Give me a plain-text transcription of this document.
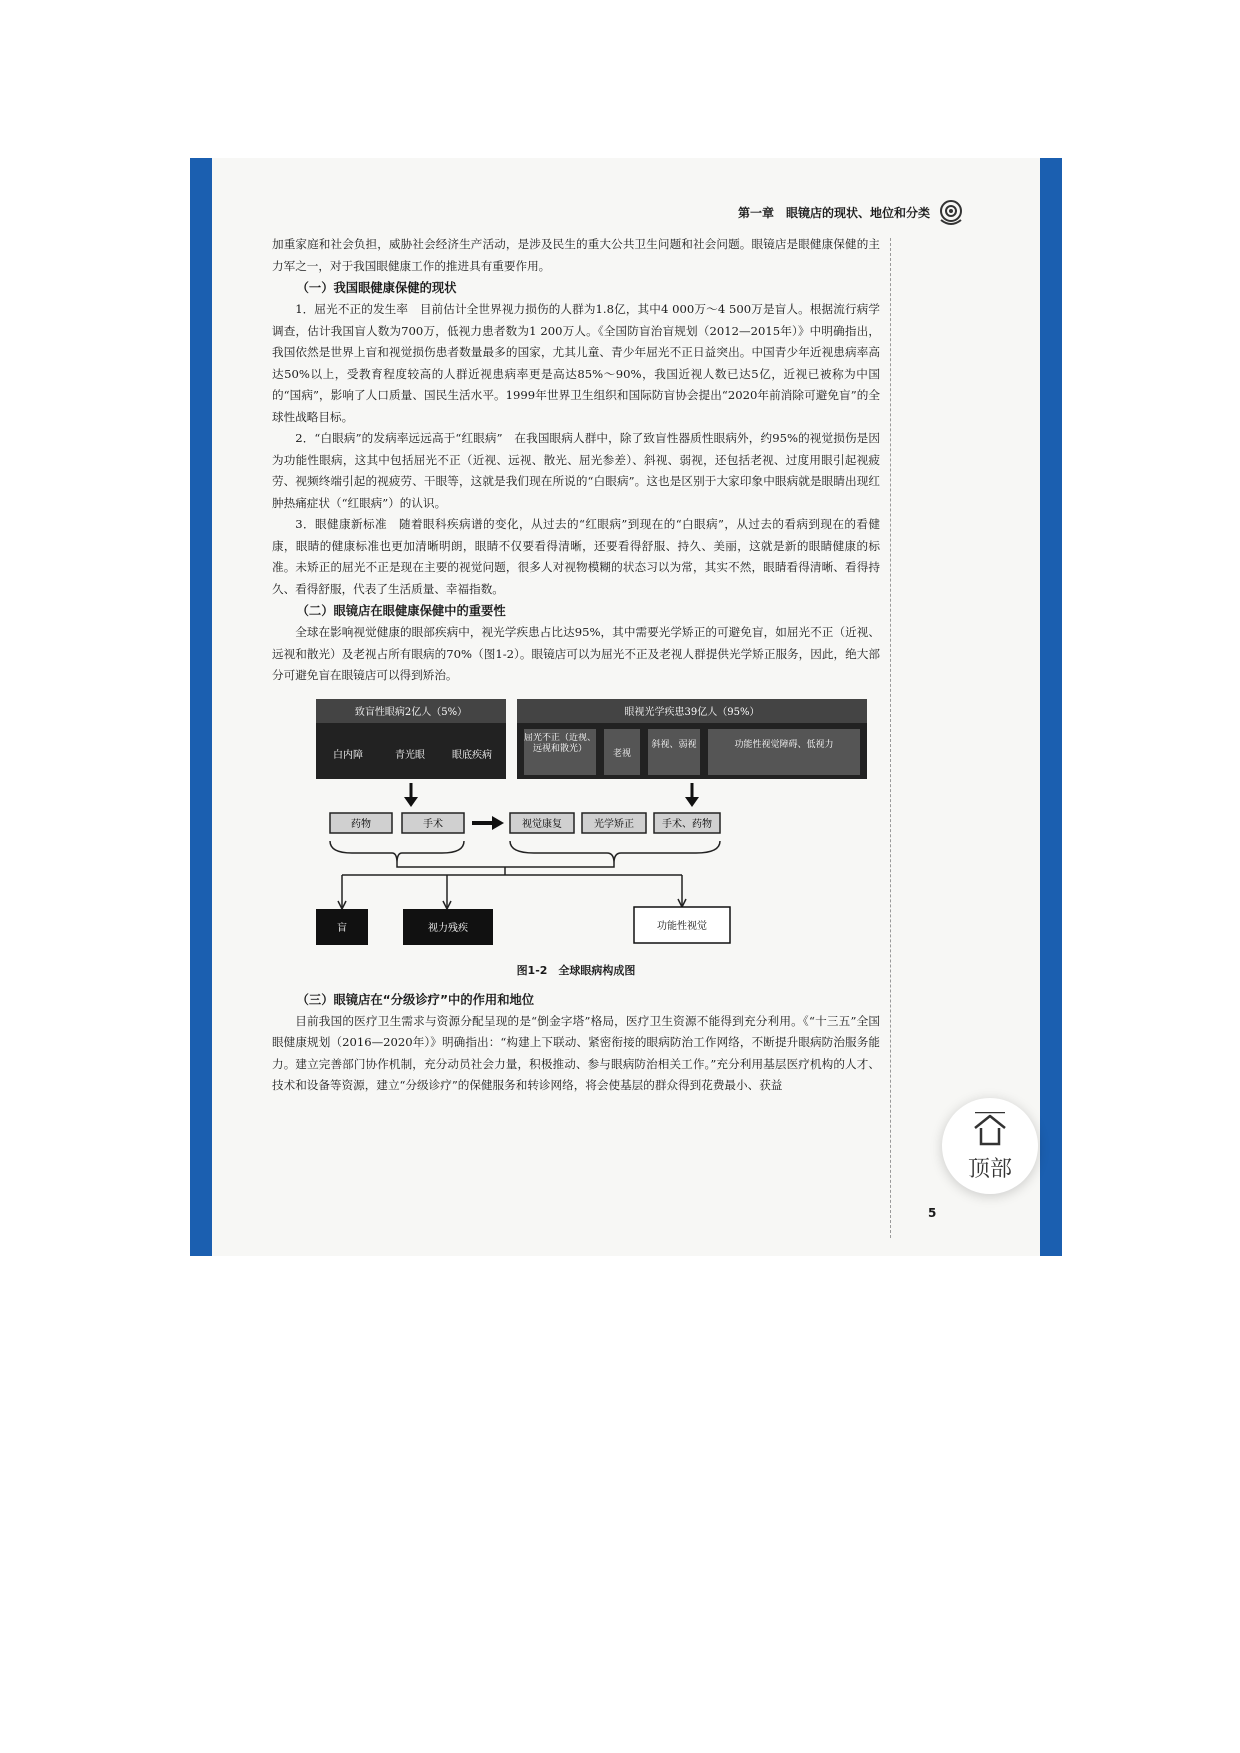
第一章　眼镜店的现状、地位和分类

加重家庭和社会负担，威胁社会经济生产活动，是涉及民生的重大公共卫生问题和社会问题。眼镜店是眼健康保健的主力军之一，对于我国眼健康工作的推进具有重要作用。

（一）我国眼健康保健的现状

1．屈光不正的发生率　目前估计全世界视力损伤的人群为1.8亿，其中4 000万～4 500万是盲人。根据流行病学调查，估计我国盲人数为700万，低视力患者数为1 200万人。《全国防盲治盲规划（2012—2015年）》中明确指出，我国依然是世界上盲和视觉损伤患者数量最多的国家，尤其儿童、青少年屈光不正日益突出。中国青少年近视患病率高达50%以上，受教育程度较高的人群近视患病率更是高达85%～90%，我国近视人数已达5亿，近视已被称为中国的“国病”，影响了人口质量、国民生活水平。1999年世界卫生组织和国际防盲协会提出“2020年前消除可避免盲”的全球性战略目标。

2．“白眼病”的发病率远远高于“红眼病”　在我国眼病人群中，除了致盲性器质性眼病外，约95%的视觉损伤是因为功能性眼病，这其中包括屈光不正（近视、远视、散光、屈光参差）、斜视、弱视，还包括老视、过度用眼引起视疲劳、视频终端引起的视疲劳、干眼等，这就是我们现在所说的“白眼病”。这也是区别于大家印象中眼病就是眼睛出现红肿热痛症状（“红眼病”）的认识。

3．眼健康新标准　随着眼科疾病谱的变化，从过去的“红眼病”到现在的“白眼病”，从过去的看病到现在的看健康，眼睛的健康标准也更加清晰明朗，眼睛不仅要看得清晰，还要看得舒服、持久、美丽，这就是新的眼睛健康的标准。未矫正的屈光不正是现在主要的视觉问题，很多人对视物模糊的状态习以为常，其实不然，眼睛看得清晰、看得持久、看得舒服，代表了生活质量、幸福指数。

（二）眼镜店在眼健康保健中的重要性

全球在影响视觉健康的眼部疾病中，视光学疾患占比达95%，其中需要光学矫正的可避免盲，如屈光不正（近视、远视和散光）及老视占所有眼病的70%（图1-2）。眼镜店可以为屈光不正及老视人群提供光学矫正服务，因此，绝大部分可避免盲在眼镜店可以得到矫治。

致盲性眼病2亿人（5%）
白内障	青光眼	眼底疾病
眼视光学疾患39亿人（95%）
屈光不正（近视、远视和散光）	老视
斜视、弱视	功能性视觉障碍、低视力
药物	手术	视觉康复	光学矫正	手术、药物
盲	视力残疾	功能性视觉
图1-2　全球眼病构成图
（三）眼镜店在“分级诊疗”中的作用和地位

目前我国的医疗卫生需求与资源分配呈现的是“倒金字塔”格局，医疗卫生资源不能得到充分利用。《“十三五”全国眼健康规划（2016—2020年）》明确指出：“构建上下联动、紧密衔接的眼病防治工作网络，不断提升眼病防治服务能力。建立完善部门协作机制，充分动员社会力量，积极推动、参与眼病防治相关工作。”充分利用基层医疗机构的人才、技术和设备等资源，建立“分级诊疗”的保健服务和转诊网络，将会使基层的群众得到花费最小、获益

5
顶部
